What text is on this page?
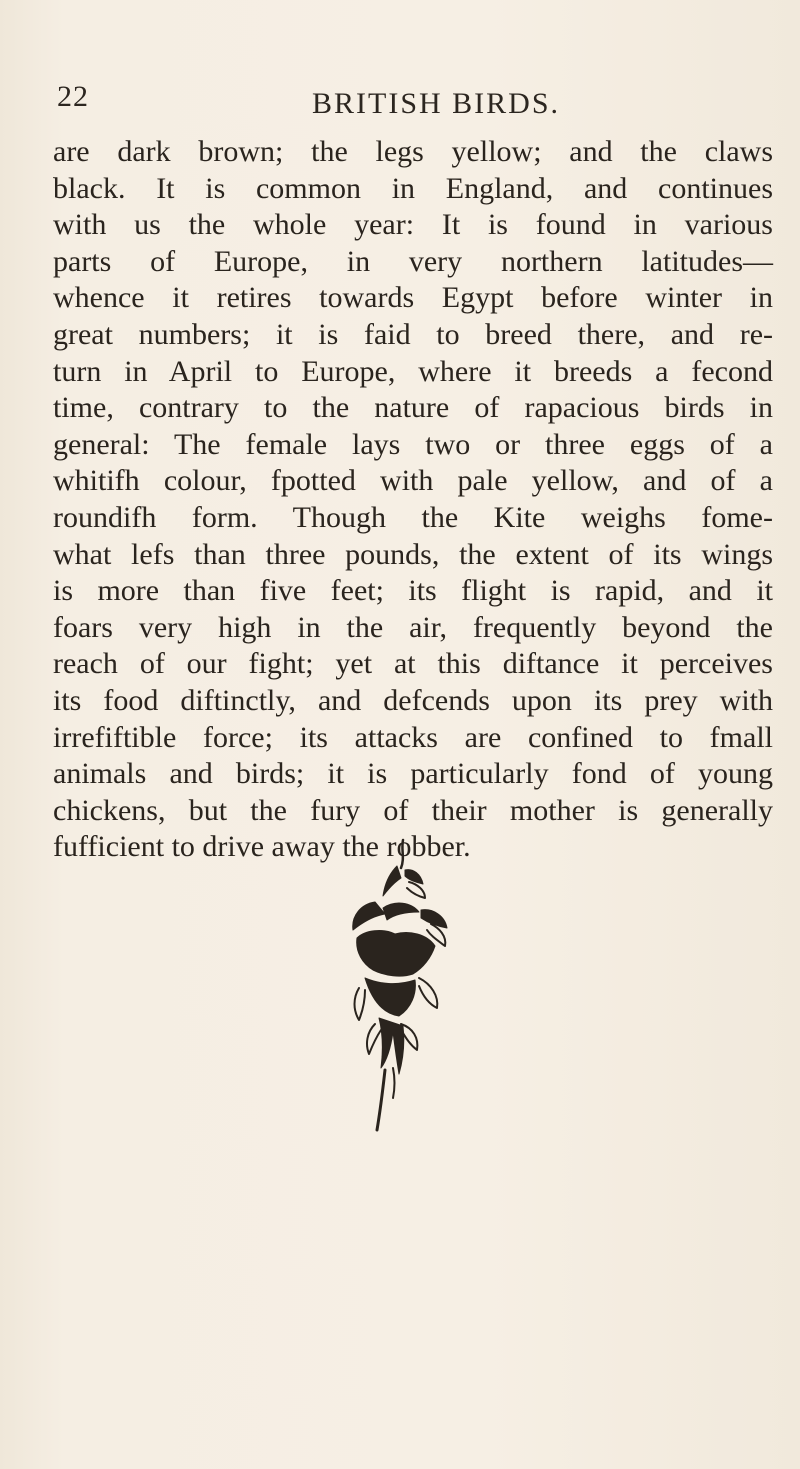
22	BRITISH BIRDS.
are dark brown; the legs yellow; and the claws
black. It is common in England, and continues
with us the whole year: It is found in various
parts of Europe, in very northern latitudes—
whence it retires towards Egypt before winter in
great numbers; it is faid to breed there, and re-
turn in April to Europe, where it breeds a fecond
time, contrary to the nature of rapacious birds in
general: The female lays two or three eggs of a
whitifh colour, fpotted with pale yellow, and of a
roundifh form. Though the Kite weighs fome-
what lefs than three pounds, the extent of its wings
is more than five feet; its flight is rapid, and it
foars very high in the air, frequently beyond the
reach of our fight; yet at this diftance it perceives
its food diftinctly, and defcends upon its prey with
irrefiftible force; its attacks are confined to fmall
animals and birds; it is particularly fond of young
chickens, but the fury of their mother is generally
fufficient to drive away the robber.
